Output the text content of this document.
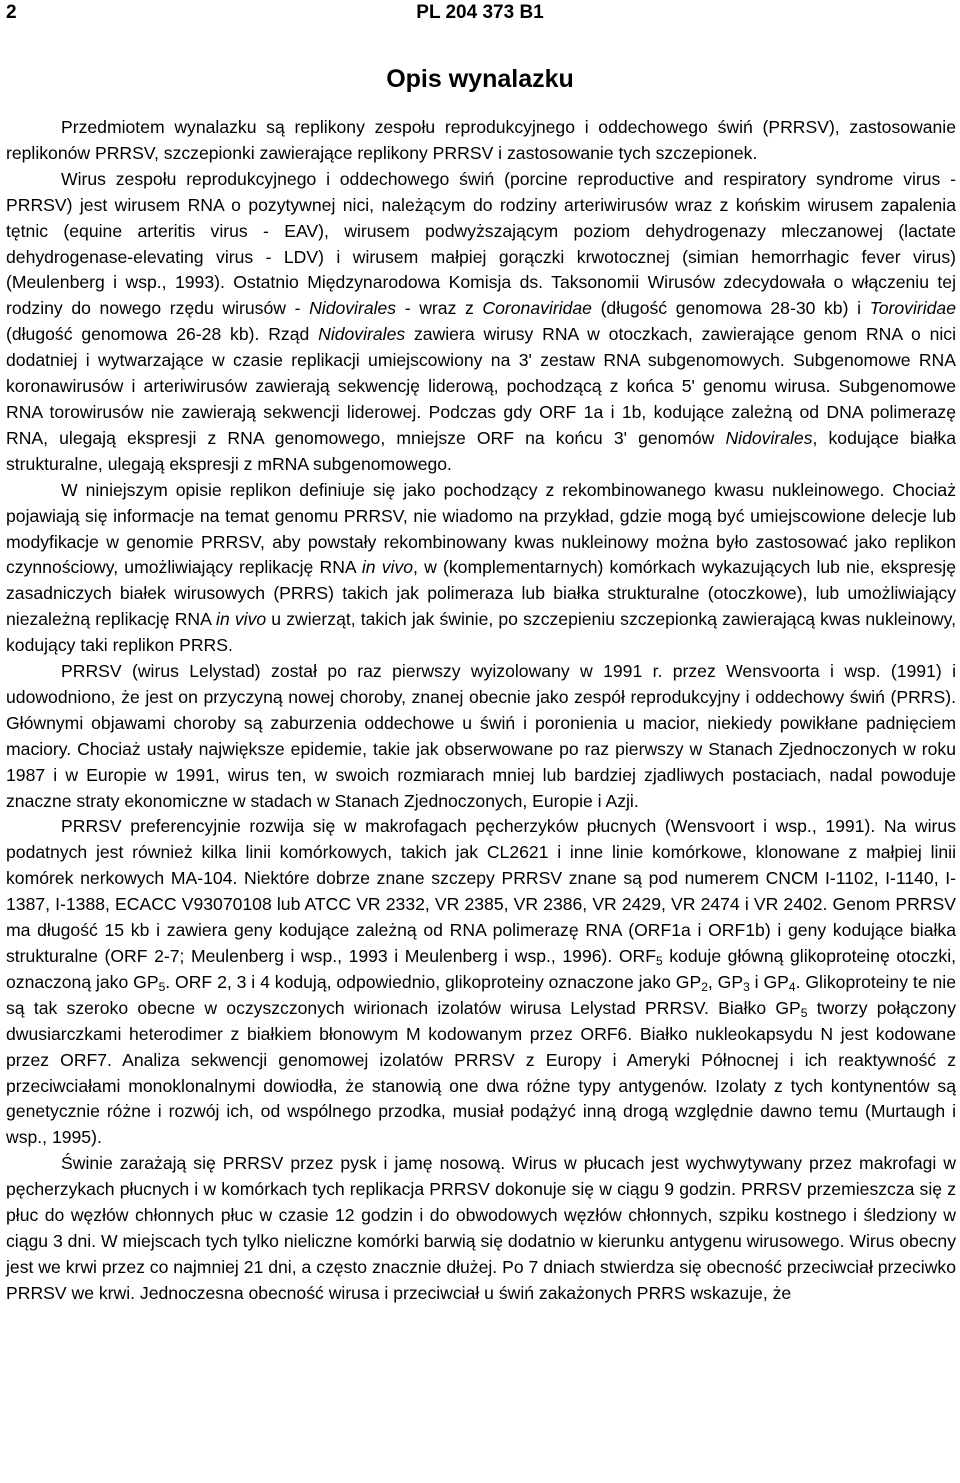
2	PL 204 373 B1
Opis wynalazku

Przedmiotem wynalazku są replikony zespołu reprodukcyjnego i oddechowego świń (PRRSV), zastosowanie replikonów PRRSV, szczepionki zawierające replikony PRRSV i zastosowanie tych szczepionek.

Wirus zespołu reprodukcyjnego i oddechowego świń (porcine reproductive and respiratory syndrome virus - PRRSV) jest wirusem RNA o pozytywnej nici, należącym do rodziny arteriwirusów wraz z końskim wirusem zapalenia tętnic (equine arteritis virus - EAV), wirusem podwyższającym poziom dehydrogenazy mleczanowej (lactate dehydrogenase-elevating virus - LDV) i wirusem małpiej gorączki krwotocznej (simian hemorrhagic fever virus) (Meulenberg i wsp., 1993). Ostatnio Międzynarodowa Komisja ds. Taksonomii Wirusów zdecydowała o włączeniu tej rodziny do nowego rzędu wirusów - Nidovirales - wraz z Coronaviridae (długość genomowa 28-30 kb) i Toroviridae (długość genomowa 26-28 kb). Rząd Nidovirales zawiera wirusy RNA w otoczkach, zawierające genom RNA o nici dodatniej i wytwarzające w czasie replikacji umiejscowiony na 3' zestaw RNA subgenomowych. Subgenomowe RNA koronawirusów i arteriwirusów zawierają sekwencję liderową, pochodzącą z końca 5' genomu wirusa. Subgenomowe RNA torowirusów nie zawierają sekwencji liderowej. Podczas gdy ORF 1a i 1b, kodujące zależną od DNA polimerazę RNA, ulegają ekspresji z RNA genomowego, mniejsze ORF na końcu 3' genomów Nidovirales, kodujące białka strukturalne, ulegają ekspresji z mRNA subgenomowego.

W niniejszym opisie replikon definiuje się jako pochodzący z rekombinowanego kwasu nukleinowego. Chociaż pojawiają się informacje na temat genomu PRRSV, nie wiadomo na przykład, gdzie mogą być umiejscowione delecje lub modyfikacje w genomie PRRSV, aby powstały rekombinowany kwas nukleinowy można było zastosować jako replikon czynnościowy, umożliwiający replikację RNA in vivo, w (komplementarnych) komórkach wykazujących lub nie, ekspresję zasadniczych białek wirusowych (PRRS) takich jak polimeraza lub białka strukturalne (otoczkowe), lub umożliwiający niezależną replikację RNA in vivo u zwierząt, takich jak świnie, po szczepieniu szczepionką zawierającą kwas nukleinowy, kodujący taki replikon PRRS.

PRRSV (wirus Lelystad) został po raz pierwszy wyizolowany w 1991 r. przez Wensvoorta i wsp. (1991) i udowodniono, że jest on przyczyną nowej choroby, znanej obecnie jako zespół reprodukcyjny i oddechowy świń (PRRS). Głównymi objawami choroby są zaburzenia oddechowe u świń i poronienia u macior, niekiedy powikłane padnięciem maciory. Chociaż ustały największe epidemie, takie jak obserwowane po raz pierwszy w Stanach Zjednoczonych w roku 1987 i w Europie w 1991, wirus ten, w swoich rozmiarach mniej lub bardziej zjadliwych postaciach, nadal powoduje znaczne straty ekonomiczne w stadach w Stanach Zjednoczonych, Europie i Azji.

PRRSV preferencyjnie rozwija się w makrofagach pęcherzyków płucnych (Wensvoort i wsp., 1991). Na wirus podatnych jest również kilka linii komórkowych, takich jak CL2621 i inne linie komórkowe, klonowane z małpiej linii komórek nerkowych MA-104. Niektóre dobrze znane szczepy PRRSV znane są pod numerem CNCM I-1102, I-1140, I-1387, I-1388, ECACC V93070108 lub ATCC VR 2332, VR 2385, VR 2386, VR 2429, VR 2474 i VR 2402. Genom PRRSV ma długość 15 kb i zawiera geny kodujące zależną od RNA polimerazę RNA (ORF1a i ORF1b) i geny kodujące białka strukturalne (ORF 2-7; Meulenberg i wsp., 1993 i Meulenberg i wsp., 1996). $ORF_5$ koduje główną glikoproteinę otoczki, oznaczoną jako $GP_5$. ORF 2, 3 i 4 kodują, odpowiednio, glikoproteiny oznaczone jako $GP_2$, $GP_3$ i $GP_4$. Glikoproteiny te nie są tak szeroko obecne w oczyszczonych wirionach izolatów wirusa Lelystad PRRSV. Białko $GP_5$ tworzy połączony dwusiarczkami heterodimer z białkiem błonowym M kodowanym przez ORF6. Białko nukleokapsydu N jest kodowane przez ORF7. Analiza sekwencji genomowej izolatów PRRSV z Europy i Ameryki Północnej i ich reaktywność z przeciwciałami monoklonalnymi dowiodła, że stanowią one dwa różne typy antygenów. Izolaty z tych kontynentów są genetycznie różne i rozwój ich, od wspólnego przodka, musiał podążyć inną drogą względnie dawno temu (Murtaugh i wsp., 1995).

Świnie zarażają się PRRSV przez pysk i jamę nosową. Wirus w płucach jest wychwytywany przez makrofagi w pęcherzykach płucnych i w komórkach tych replikacja PRRSV dokonuje się w ciągu 9 godzin. PRRSV przemieszcza się z płuc do węzłów chłonnych płuc w czasie 12 godzin i do obwodowych węzłów chłonnych, szpiku kostnego i śledziony w ciągu 3 dni. W miejscach tych tylko nieliczne komórki barwią się dodatnio w kierunku antygenu wirusowego. Wirus obecny jest we krwi przez co najmniej 21 dni, a często znacznie dłużej. Po 7 dniach stwierdza się obecność przeciwciał przeciwko PRRSV we krwi. Jednoczesna obecność wirusa i przeciwciał u świń zakażonych PRRS wskazuje, że
